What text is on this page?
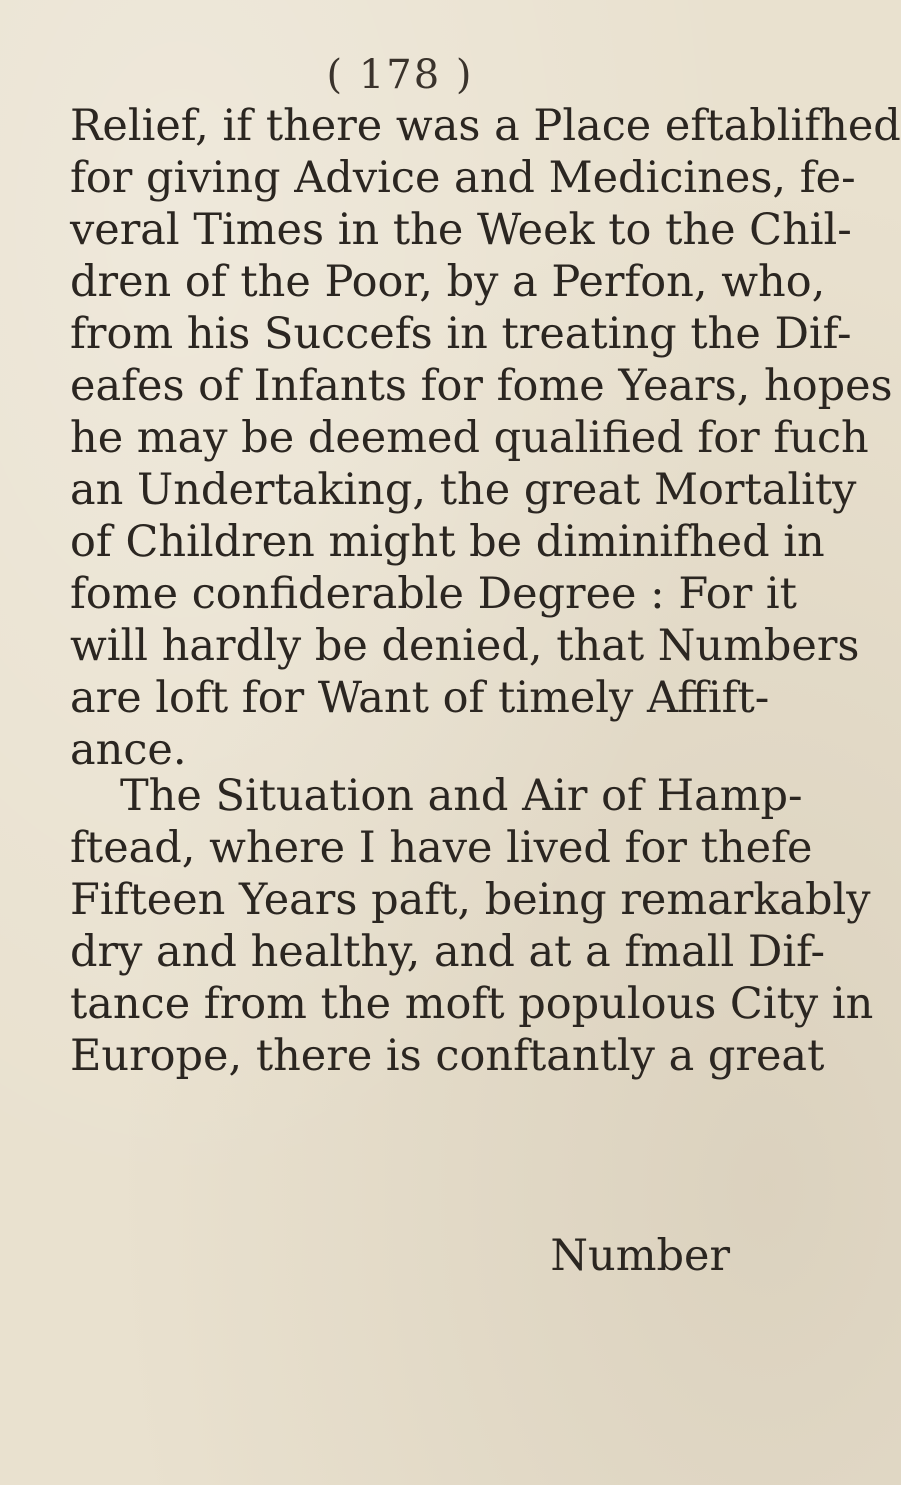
( 178 )
Relief, if there was a Place eftablifhed
for giving Advice and Medicines, fe-
veral Times in the Week to the Chil-
dren of the Poor, by a Perfon, who,
from his Succefs in treating the Dif-
eafes of Infants for fome Years, hopes
he may be deemed qualified for fuch
an Undertaking, the great Mortality
of Children might be diminifhed in
fome confiderable Degree : For it
will hardly be denied, that Numbers
are loft for Want of timely Affift-
ance.
The Situation and Air of Hamp-
ftead, where I have lived for thefe
Fifteen Years paft, being remarkably
dry and healthy, and at a fmall Dif-
tance from the moft populous City in
Europe, there is conftantly a great
Number
